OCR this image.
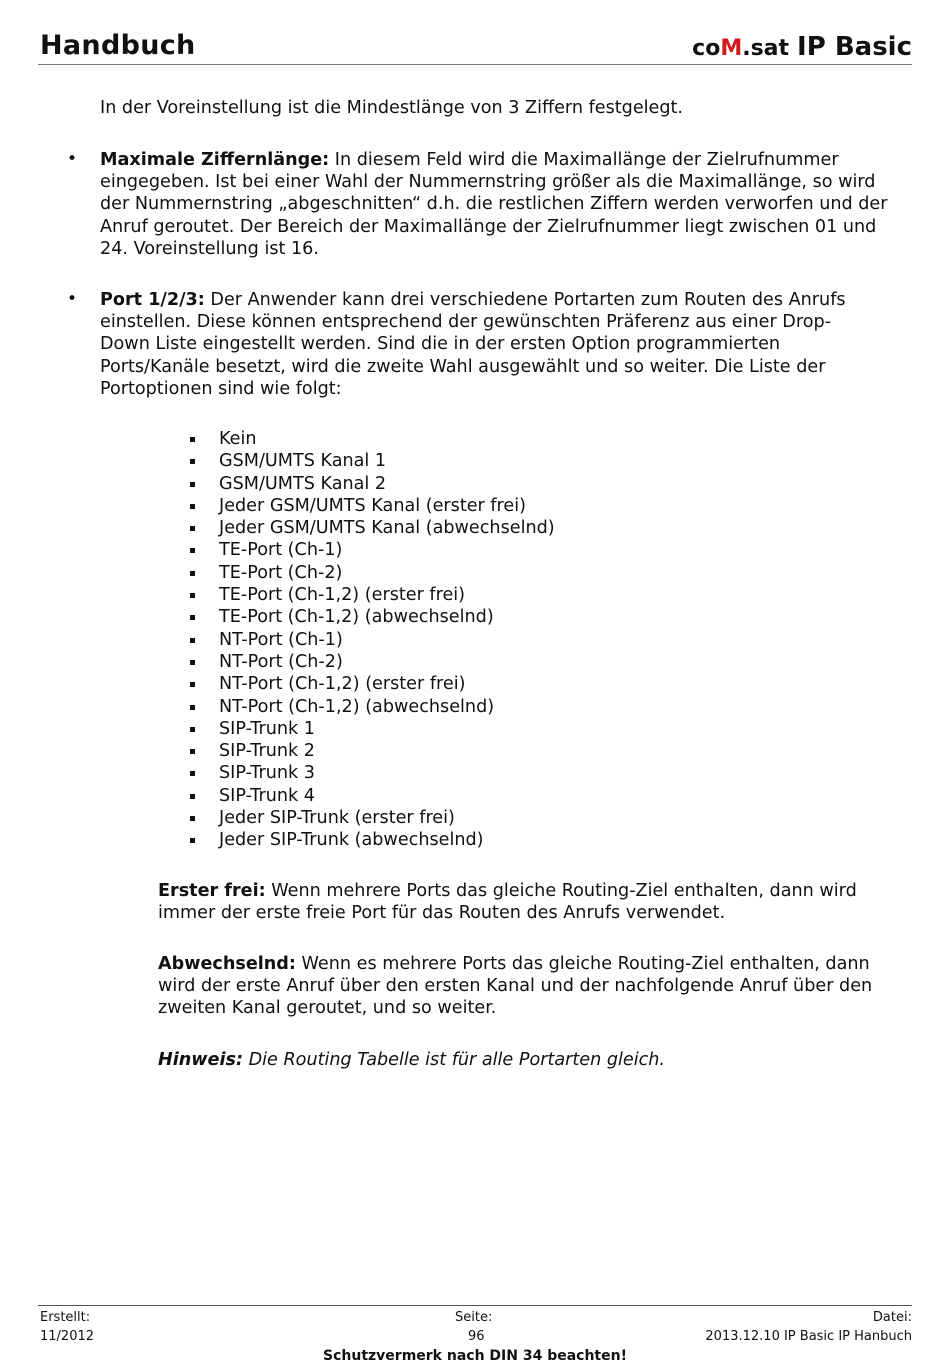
Handbuch	coM.sat IP Basic
In der Voreinstellung ist die Mindestlänge von 3 Ziffern festgelegt.
• Maximale Ziffernlänge: In diesem Feld wird die Maximallänge der Zielrufnummer eingegeben. Ist bei einer Wahl der Nummernstring größer als die Maximallänge, so wird der Nummernstring „abgeschnitten“ d.h. die restlichen Ziffern werden verworfen und der Anruf geroutet. Der Bereich der Maximallänge der Zielrufnummer liegt zwischen 01 und 24. Voreinstellung ist 16.
• Port 1/2/3: Der Anwender kann drei verschiedene Portarten zum Routen des Anrufs einstellen. Diese können entsprechend der gewünschten Präferenz aus einer Drop-Down Liste eingestellt werden. Sind die in der ersten Option programmierten Ports/Kanäle besetzt, wird die zweite Wahl ausgewählt und so weiter. Die Liste der Portoptionen sind wie folgt:
Kein
GSM/UMTS Kanal 1
GSM/UMTS Kanal 2
Jeder GSM/UMTS Kanal (erster frei)
Jeder GSM/UMTS Kanal (abwechselnd)
TE-Port (Ch-1)
TE-Port (Ch-2)
TE-Port (Ch-1,2) (erster frei)
TE-Port (Ch-1,2) (abwechselnd)
NT-Port (Ch-1)
NT-Port (Ch-2)
NT-Port (Ch-1,2) (erster frei)
NT-Port (Ch-1,2) (abwechselnd)
SIP-Trunk 1
SIP-Trunk 2
SIP-Trunk 3
SIP-Trunk 4
Jeder SIP-Trunk (erster frei)
Jeder SIP-Trunk (abwechselnd)
Erster frei: Wenn mehrere Ports das gleiche Routing-Ziel enthalten, dann wird immer der erste freie Port für das Routen des Anrufs verwendet.
Abwechselnd: Wenn es mehrere Ports das gleiche Routing-Ziel enthalten, dann wird der erste Anruf über den ersten Kanal und der nachfolgende Anruf über den zweiten Kanal geroutet, und so weiter.
Hinweis: Die Routing Tabelle ist für alle Portarten gleich.
Erstellt:
11/2012
Seite:
96
Datei:
2013.12.10 IP Basic IP Hanbuch
Schutzvermerk nach DIN 34 beachten!
